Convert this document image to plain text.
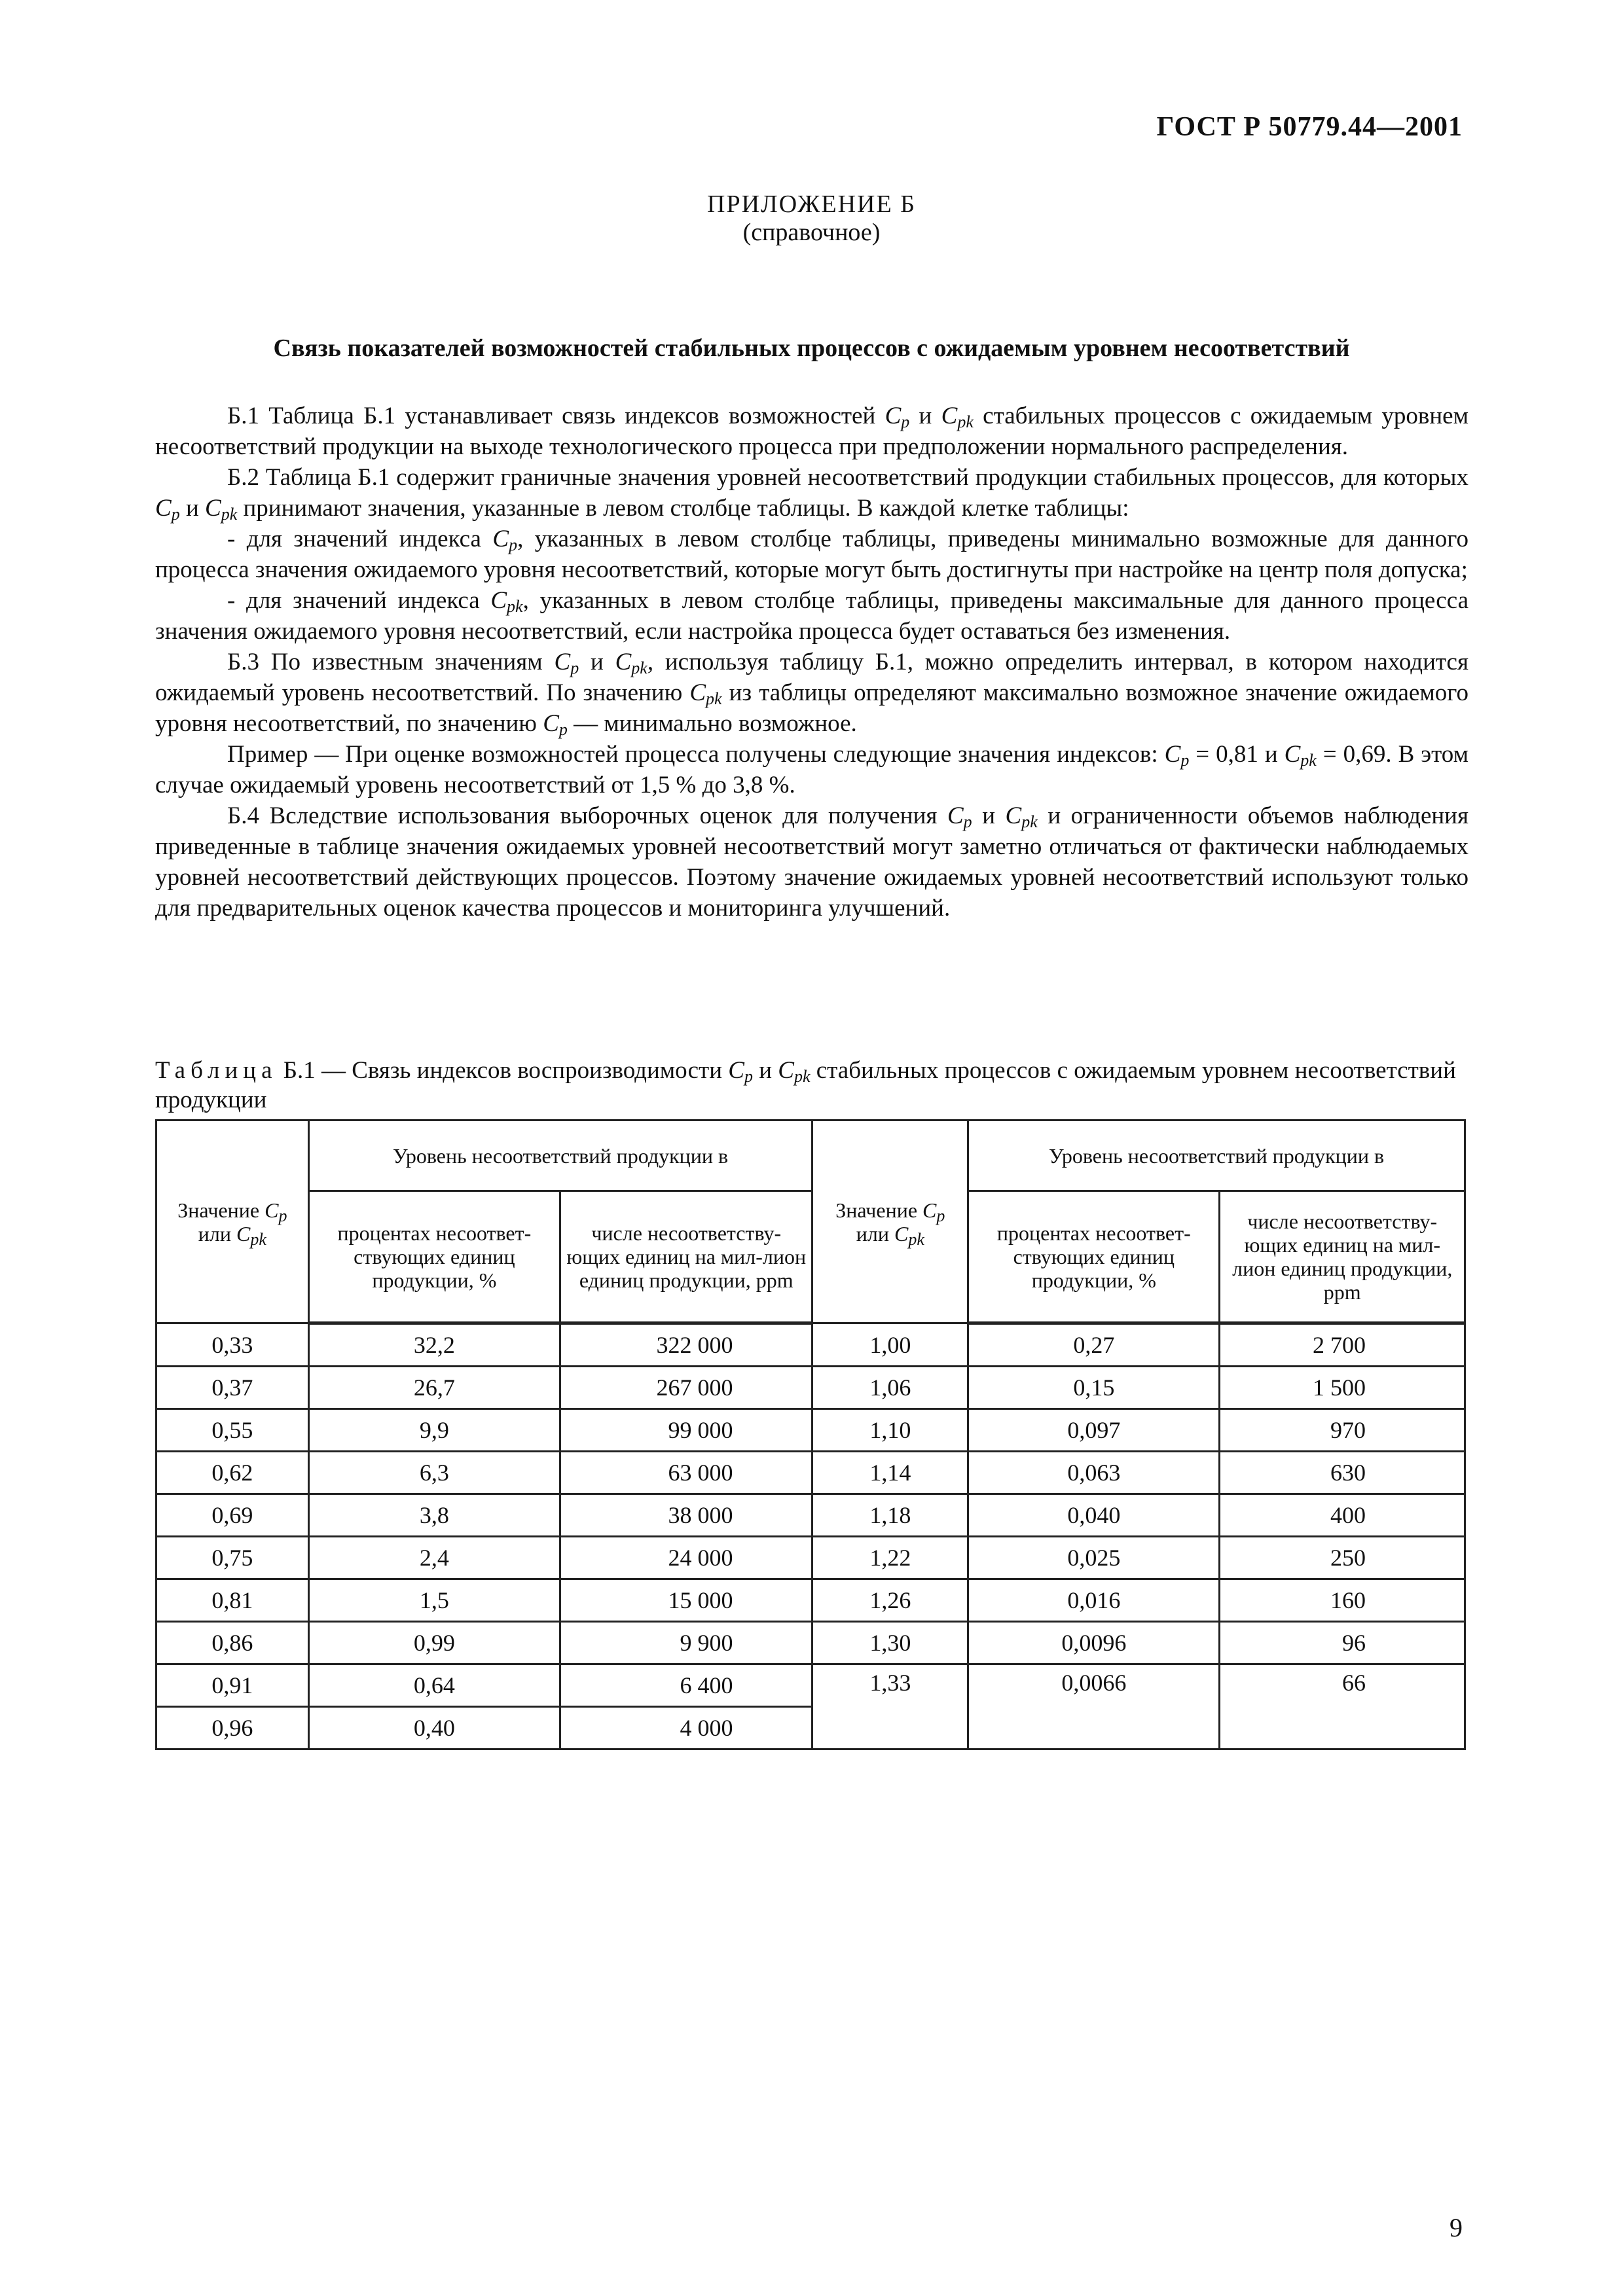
ГОСТ Р 50779.44—2001
ПРИЛОЖЕНИЕ Б
(справочное)
Связь показателей возможностей стабильных процессов с ожидаемым уровнем несоответствий

Б.1 Таблица Б.1 устанавливает связь индексов возможностей $C_p$ и $C_{pk}$ стабильных процессов с ожидаемым уровнем несоответствий продукции на выходе технологического процесса при предположении нормального распределения.

Б.2 Таблица Б.1 содержит граничные значения уровней несоответствий продукции стабильных процессов, для которых $C_p$ и $C_{pk}$ принимают значения, указанные в левом столбце таблицы. В каждой клетке таблицы:

- для значений индекса $C_p$, указанных в левом столбце таблицы, приведены минимально возможные для данного процесса значения ожидаемого уровня несоответствий, которые могут быть достигнуты при настройке на центр поля допуска;

- для значений индекса $C_{pk}$, указанных в левом столбце таблицы, приведены максимальные для данного процесса значения ожидаемого уровня несоответствий, если настройка процесса будет оставаться без изменения.

Б.3 По известным значениям $C_p$ и $C_{pk}$, используя таблицу Б.1, можно определить интервал, в котором находится ожидаемый уровень несоответствий. По значению $C_{pk}$ из таблицы определяют максимально возможное значение ожидаемого уровня несоответствий, по значению $C_p$ — минимально возможное.

Пример — При оценке возможностей процесса получены следующие значения индексов: $C_p = 0,81$ и $C_{pk} = 0,69$. В этом случае ожидаемый уровень несоответствий от 1,5 % до 3,8 %.

Б.4 Вследствие использования выборочных оценок для получения $C_p$ и $C_{pk}$ и ограниченности объемов наблюдения приведенные в таблице значения ожидаемых уровней несоответствий могут заметно отличаться от фактически наблюдаемых уровней несоответствий действующих процессов. Поэтому значение ожидаемых уровней несоответствий используют только для предварительных оценок качества процессов и мониторинга улучшений.

Таблица Б.1 — Связь индексов воспроизводимости $C_p$ и $C_{pk}$ стабильных процессов с ожидаемым уровнем несоответствий продукции
Значение $C_p$
или $C_{pk}$	Уровень несоответствий продукции в		Значение $C_p$
или $C_{pk}$	Уровень несоответствий продукции в	
	процентах несоответ-ствующих единиц продукции, %	числе несоответству-ющих единиц на мил-лион единиц продукции, ppm		процентах несоответ-ствующих единиц продукции, %	числе несоответству-ющих единиц на мил-лион единиц продукции, ppm
0,33	32,2	322 000	1,00	0,27	2 700
0,37	26,7	267 000	1,06	0,15	1 500
0,55	9,9	99 000	1,10	0,097	970
0,62	6,3	63 000	1,14	0,063	630
0,69	3,8	38 000	1,18	0,040	400
0,75	2,4	24 000	1,22	0,025	250
0,81	1,5	15 000	1,26	0,016	160
0,86	0,99	9 900	1,30	0,0096	96
0,91	0,64	6 400	1,33	0,0066	66
0,96	0,40	4 000			
9
